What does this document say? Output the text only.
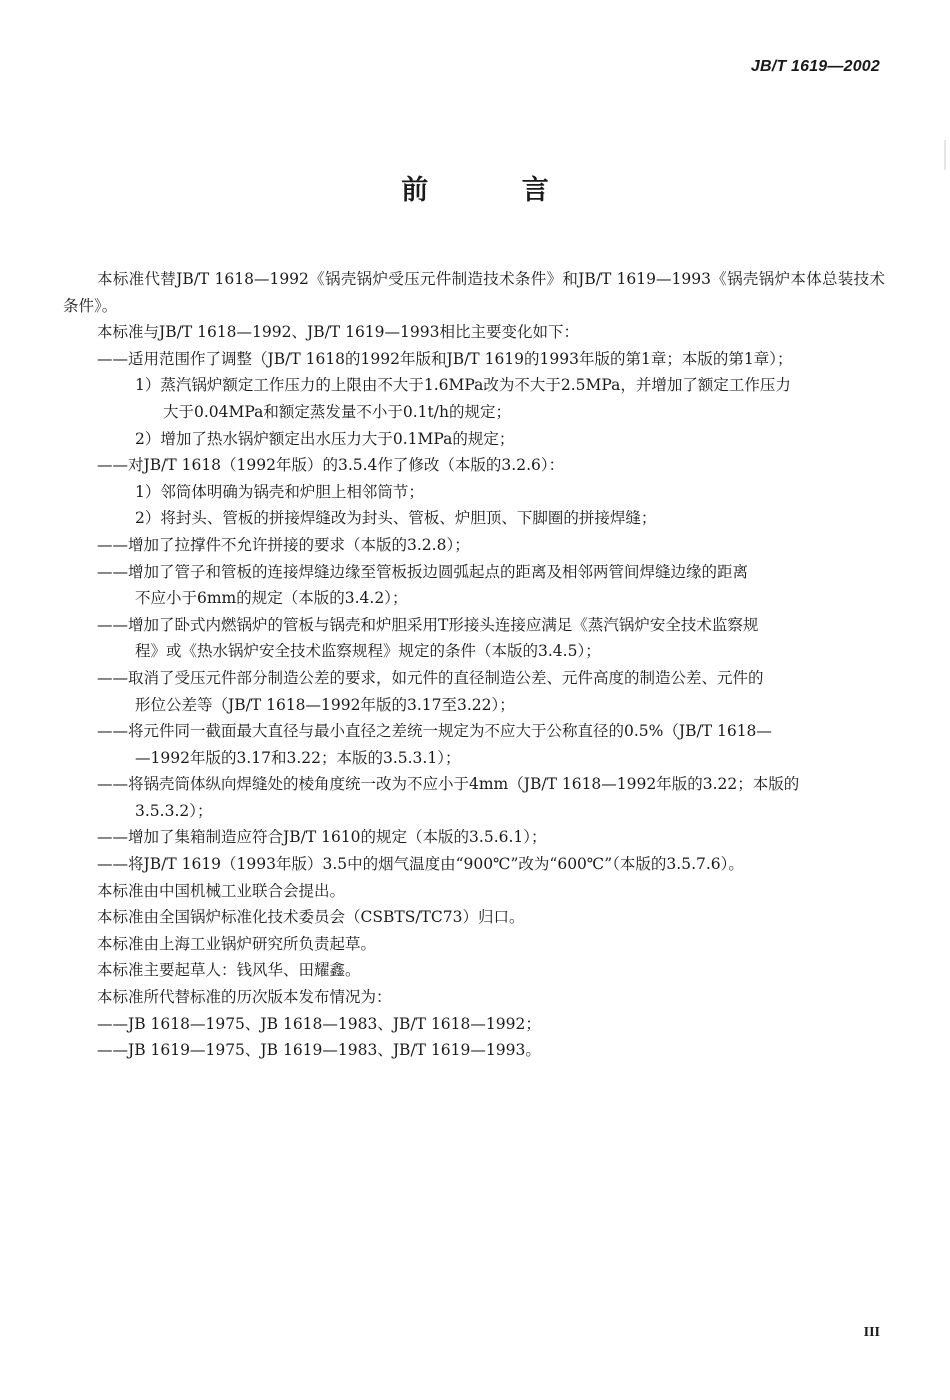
JB/T 1619—2002
前 言

本标准代替JB/T 1618—1992《锅壳锅炉受压元件制造技术条件》和JB/T 1619—1993《锅壳锅炉本体总装技术条件》。

本标准与JB/T 1618—1992、JB/T 1619—1993相比主要变化如下：

——适用范围作了调整（JB/T 1618的1992年版和JB/T 1619的1993年版的第1章；本版的第1章）；

1）蒸汽锅炉额定工作压力的上限由不大于1.6MPa改为不大于2.5MPa，并增加了额定工作压力
大于0.04MPa和额定蒸发量不小于0.1t/h的规定；

2）增加了热水锅炉额定出水压力大于0.1MPa的规定；

——对JB/T 1618（1992年版）的3.5.4作了修改（本版的3.2.6）：

1）邻筒体明确为锅壳和炉胆上相邻筒节；

2）将封头、管板的拼接焊缝改为封头、管板、炉胆顶、下脚圈的拼接焊缝；

——增加了拉撑件不允许拼接的要求（本版的3.2.8）；

——增加了管子和管板的连接焊缝边缘至管板扳边圆弧起点的距离及相邻两管间焊缝边缘的距离
不应小于6mm的规定（本版的3.4.2）；

——增加了卧式内燃锅炉的管板与锅壳和炉胆采用T形接头连接应满足《蒸汽锅炉安全技术监察规
程》或《热水锅炉安全技术监察规程》规定的条件（本版的3.4.5）；

——取消了受压元件部分制造公差的要求，如元件的直径制造公差、元件高度的制造公差、元件的
形位公差等（JB/T 1618—1992年版的3.17至3.22）；

——将元件同一截面最大直径与最小直径之差统一规定为不应大于公称直径的0.5%（JB/T 1618—
—1992年版的3.17和3.22；本版的3.5.3.1）；

——将锅壳筒体纵向焊缝处的棱角度统一改为不应小于4mm（JB/T 1618—1992年版的3.22；本版的
3.5.3.2）；

——增加了集箱制造应符合JB/T 1610的规定（本版的3.5.6.1）；

——将JB/T 1619（1993年版）3.5中的烟气温度由“900℃”改为“600℃”（本版的3.5.7.6）。

本标准由中国机械工业联合会提出。

本标准由全国锅炉标准化技术委员会（CSBTS/TC73）归口。

本标准由上海工业锅炉研究所负责起草。

本标准主要起草人：钱风华、田耀鑫。

本标准所代替标准的历次版本发布情况为：

——JB 1618—1975、JB 1618—1983、JB/T 1618—1992；

——JB 1619—1975、JB 1619—1983、JB/T 1619—1993。

III
